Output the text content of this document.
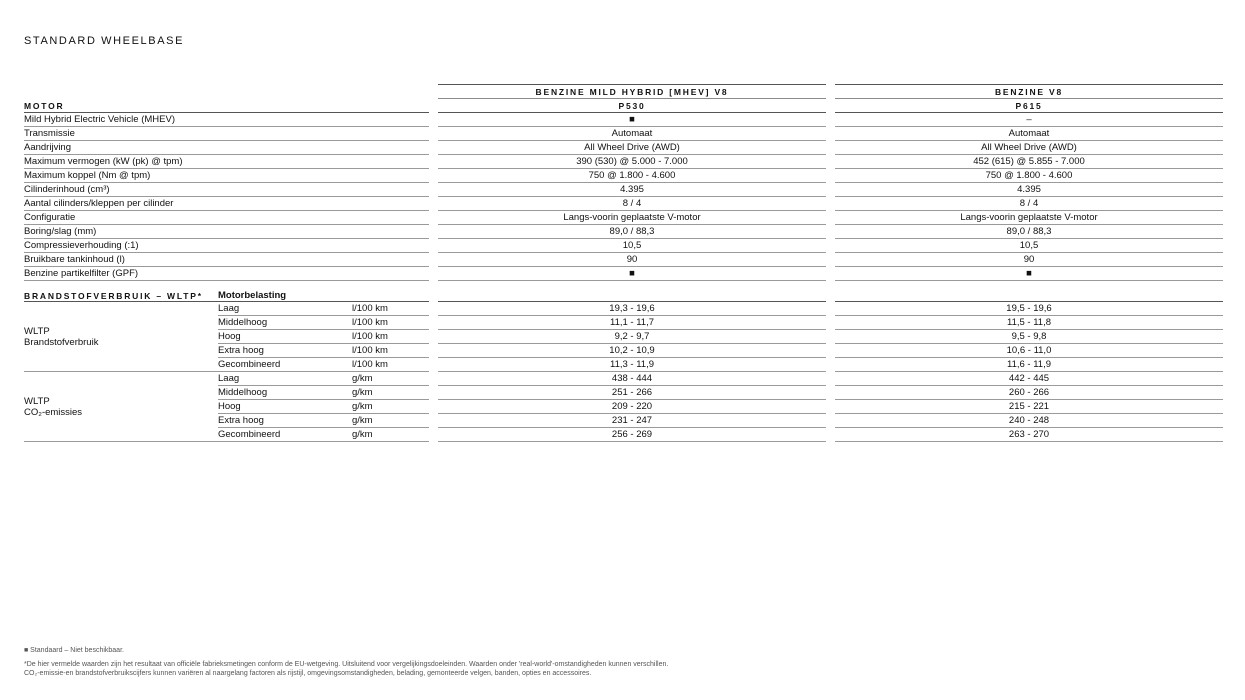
STANDARD WHEELBASE
BENZINE MILD HYBRID [MHEV] V8	BENZINE V8
P530	P615
MOTOR
Mild Hybrid Electric Vehicle (MHEV)	■	–
Transmissie	Automaat	Automaat
Aandrijving	All Wheel Drive (AWD)	All Wheel Drive (AWD)
Maximum vermogen (kW (pk) @ tpm)	390 (530) @ 5.000 - 7.000	452 (615) @ 5.855 - 7.000
Maximum koppel (Nm @ tpm)	750 @ 1.800 - 4.600	750 @ 1.800 - 4.600
Cilinderinhoud (cm³)	4.395	4.395
Aantal cilinders/kleppen per cilinder	8 / 4	8 / 4
Configuratie	Langs-voorin geplaatste V-motor	Langs-voorin geplaatste V-motor
Boring/slag (mm)	89,0 / 88,3	89,0 / 88,3
Compressieverhouding (:1)	10,5	10,5
Bruikbare tankinhoud (l)	90	90
Benzine partikelfilter (GPF)	■	■
BRANDSTOFVERBRUIK – WLTP* Motorbelasting
WLTP
Brandstofverbruik
Laag	l/100 km	19,3 - 19,6	19,5 - 19,6
Middelhoog	l/100 km	11,1 - 11,7	11,5 - 11,8
Hoog	l/100 km	9,2 - 9,7	9,5 - 9,8
Extra hoog	l/100 km	10,2 - 10,9	10,6 - 11,0
Gecombineerd	l/100 km	11,3 - 11,9	11,6 - 11,9
WLTP
CO₂-emissies
Laag	g/km	438 - 444	442 - 445
Middelhoog	g/km	251 - 266	260 - 266
Hoog	g/km	209 - 220	215 - 221
Extra hoog	g/km	231 - 247	240 - 248
Gecombineerd	g/km	256 - 269	263 - 270
■ Standaard – Niet beschikbaar.
*De hier vermelde waarden zijn het resultaat van officiële fabrieksmetingen conform de EU-wetgeving. Uitsluitend voor vergelijkingsdoeleinden. Waarden onder 'real-world'-omstandigheden kunnen verschillen.
CO₂-emissie-en brandstofverbruikscijfers kunnen variëren al naargelang factoren als rijstijl, omgevingsomstandigheden, belading, gemonteerde velgen, banden, opties en accessoires.
